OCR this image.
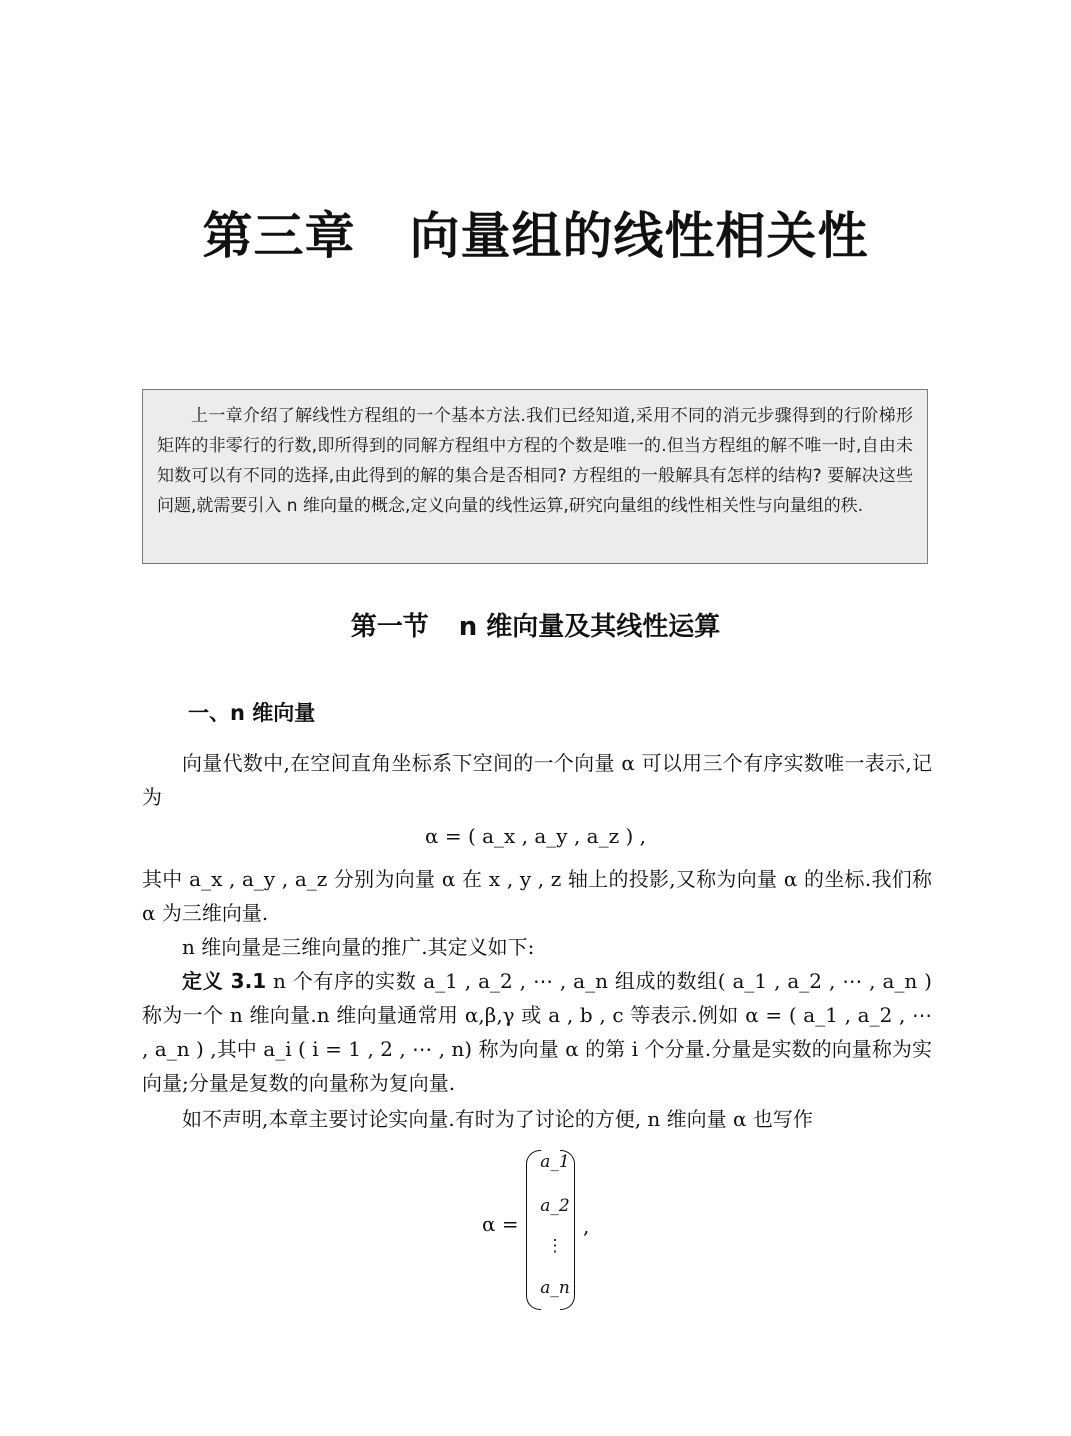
第三章 向量组的线性相关性

上一章介绍了解线性方程组的一个基本方法.我们已经知道,采用不同的消元步骤得到的行阶梯形矩阵的非零行的行数,即所得到的同解方程组中方程的个数是唯一的.但当方程组的解不唯一时,自由未知数可以有不同的选择,由此得到的解的集合是否相同? 方程组的一般解具有怎样的结构? 要解决这些问题,就需要引入 n 维向量的概念,定义向量的线性运算,研究向量组的线性相关性与向量组的秩.

第一节 n 维向量及其线性运算
一、n 维向量

向量代数中,在空间直角坐标系下空间的一个向量 α 可以用三个有序实数唯一表示,记为

α = ( a_x , a_y , a_z ) ,

其中 a_x , a_y , a_z 分别为向量 α 在 x , y , z 轴上的投影,又称为向量 α 的坐标.我们称 α 为三维向量.

n 维向量是三维向量的推广.其定义如下:

定义 3.1 n 个有序的实数 a_1 , a_2 , ⋯ , a_n 组成的数组( a_1 , a_2 , ⋯ , a_n ) 称为一个 n 维向量.n 维向量通常用 α,β,γ 或 a , b , c 等表示.例如 α = ( a_1 , a_2 , ⋯ , a_n ) ,其中 a_i ( i = 1 , 2 , ⋯ , n) 称为向量 α 的第 i 个分量.分量是实数的向量称为实向量;分量是复数的向量称为复向量.

如不声明,本章主要讨论实向量.有时为了讨论的方便, n 维向量 α 也写作

α =
a_1
a_2
⋮
a_n
,
